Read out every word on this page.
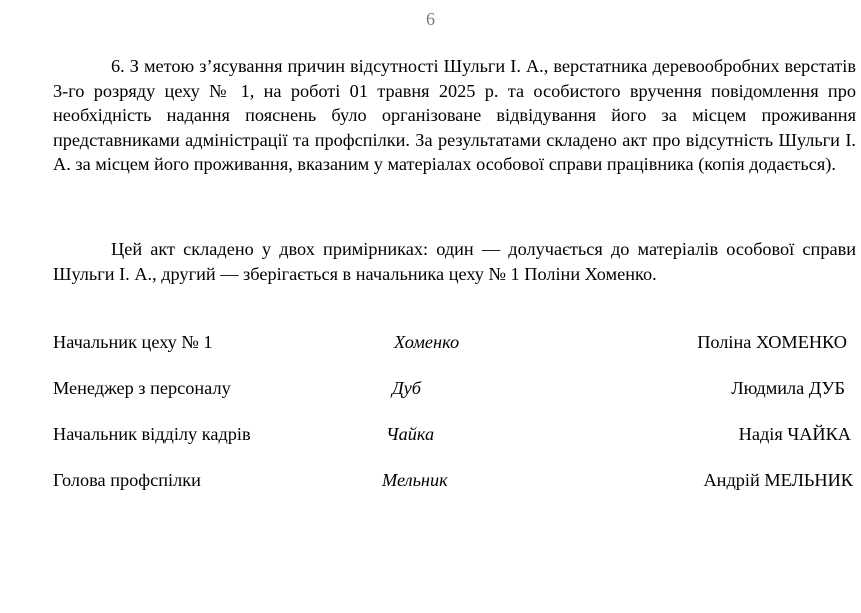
6

6. З метою з’ясування причин відсутності Шульги І. А., верстатника деревообробних верстатів 3-го розряду цеху № 1, на роботі 01 травня 2025 р. та особистого вручення повідомлення про необхідність надання пояснень було організоване відвідування його за місцем проживання представниками адміністрації та профспілки. За результатами складено акт про відсутність Шульги І. А. за місцем його проживання, вказаним у матеріалах особової справи працівника (копія додається).

Цей акт складено у двох примірниках: один — долучається до матеріалів особової справи Шульги І. А., другий — зберігається в начальника цеху № 1 Поліни Хоменко.

Начальник цеху № 1	Хоменко	Поліна ХОМЕНКО
Менеджер з персоналу	Дуб	Людмила ДУБ
Начальник відділу кадрів	Чайка	Надія ЧАЙКА
Голова профспілки	Мельник	Андрій МЕЛЬНИК
